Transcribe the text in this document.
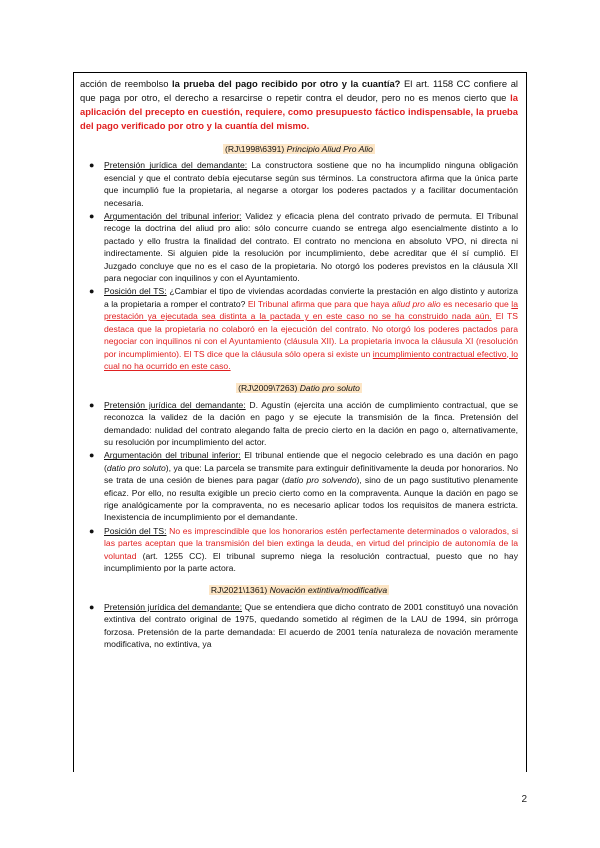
acción de reembolso la prueba del pago recibido por otro y la cuantía? El art. 1158 CC confiere al que paga por otro, el derecho a resarcirse o repetir contra el deudor, pero no es menos cierto que la aplicación del precepto en cuestión, requiere, como presupuesto fáctico indispensable, la prueba del pago verificado por otro y la cuantía del mismo.

(RJ\1998\6391) Principio Aliud Pro Alio
● Pretensión jurídica del demandante: La constructora sostiene que no ha incumplido ninguna obligación esencial y que el contrato debía ejecutarse según sus términos. La constructora afirma que la única parte que incumplió fue la propietaria, al negarse a otorgar los poderes pactados y a facilitar documentación necesaria.
● Argumentación del tribunal inferior: Validez y eficacia plena del contrato privado de permuta. El Tribunal recoge la doctrina del aliud pro alio: sólo concurre cuando se entrega algo esencialmente distinto a lo pactado y ello frustra la finalidad del contrato. El contrato no menciona en absoluto VPO, ni directa ni indirectamente. Si alguien pide la resolución por incumplimiento, debe acreditar que él sí cumplió. El Juzgado concluye que no es el caso de la propietaria. No otorgó los poderes previstos en la cláusula XII para negociar con inquilinos y con el Ayuntamiento.
● Posición del TS: ¿Cambiar el tipo de viviendas acordadas convierte la prestación en algo distinto y autoriza a la propietaria a romper el contrato? El Tribunal afirma que para que haya aliud pro alio es necesario que la prestación ya ejecutada sea distinta a la pactada y en este caso no se ha construido nada aún. El TS destaca que la propietaria no colaboró en la ejecución del contrato. No otorgó los poderes pactados para negociar con inquilinos ni con el Ayuntamiento (cláusula XII). La propietaria invoca la cláusula XI (resolución por incumplimiento). El TS dice que la cláusula sólo opera si existe un incumplimiento contractual efectivo, lo cual no ha ocurrido en este caso.
(RJ\2009\7263) Datio pro soluto
● Pretensión jurídica del demandante: D. Agustín (ejercita una acción de cumplimiento contractual, que se reconozca la validez de la dación en pago y se ejecute la transmisión de la finca. Pretensión del demandado: nulidad del contrato alegando falta de precio cierto en la dación en pago o, alternativamente, su resolución por incumplimiento del actor.
● Argumentación del tribunal inferior: El tribunal entiende que el negocio celebrado es una dación en pago (datio pro soluto), ya que: La parcela se transmite para extinguir definitivamente la deuda por honorarios. No se trata de una cesión de bienes para pagar (datio pro solvendo), sino de un pago sustitutivo plenamente eficaz. Por ello, no resulta exigible un precio cierto como en la compraventa. Aunque la dación en pago se rige analógicamente por la compraventa, no es necesario aplicar todos los requisitos de manera estricta. Inexistencia de incumplimiento por el demandante.
● Posición del TS: No es imprescindible que los honorarios estén perfectamente determinados o valorados, si las partes aceptan que la transmisión del bien extinga la deuda, en virtud del principio de autonomía de la voluntad (art. 1255 CC). El tribunal supremo niega la resolución contractual, puesto que no hay incumplimiento por la parte actora.
RJ\2021\1361) Novación extintiva/modificativa
● Pretensión jurídica del demandante: Que se entendiera que dicho contrato de 2001 constituyó una novación extintiva del contrato original de 1975, quedando sometido al régimen de la LAU de 1994, sin prórroga forzosa. Pretensión de la parte demandada: El acuerdo de 2001 tenía naturaleza de novación meramente modificativa, no extintiva, ya
2
